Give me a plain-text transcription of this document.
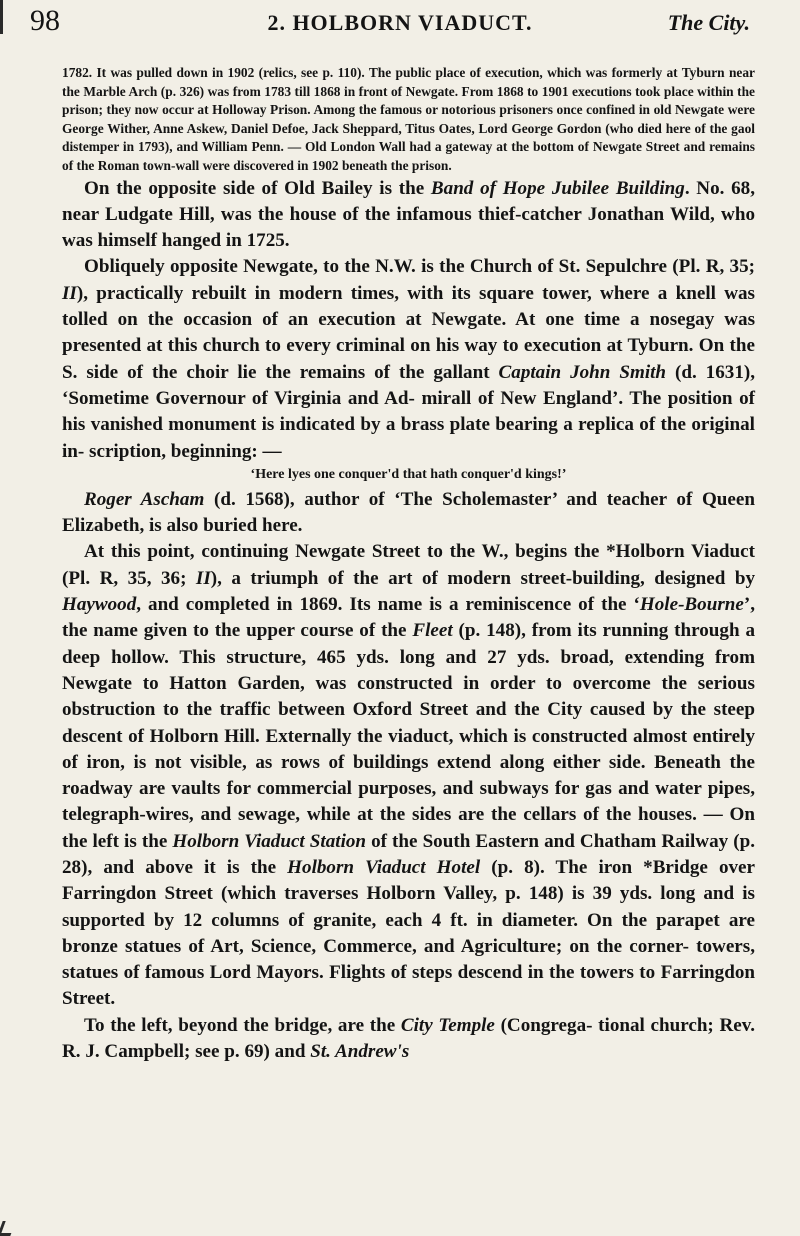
98	2. HOLBORN VIADUCT.	The City.

1782. It was pulled down in 1902 (relics, see p. 110). The public place of execution, which was formerly at Tyburn near the Marble Arch (p. 326) was from 1783 till 1868 in front of Newgate. From 1868 to 1901 executions took place within the prison; they now occur at Holloway Prison. Among the famous or notorious prisoners once confined in old Newgate were George Wither, Anne Askew, Daniel Defoe, Jack Sheppard, Titus Oates, Lord George Gordon (who died here of the gaol distemper in 1793), and William Penn. — Old London Wall had a gateway at the bottom of Newgate Street and remains of the Roman town-wall were discovered in 1902 beneath the prison.

On the opposite side of Old Bailey is the Band of Hope Jubilee Building. No. 68, near Ludgate Hill, was the house of the infamous thief-catcher Jonathan Wild, who was himself hanged in 1725.

Obliquely opposite Newgate, to the N.W. is the Church of St. Sepulchre (Pl. R, 35; II), practically rebuilt in modern times, with its square tower, where a knell was tolled on the occasion of an execution at Newgate. At one time a nosegay was presented at this church to every criminal on his way to execution at Tyburn. On the S. side of the choir lie the remains of the gallant Captain John Smith (d. 1631), ‘Sometime Governour of Virginia and Ad- mirall of New England’. The position of his vanished monument is indicated by a brass plate bearing a replica of the original in- scription, beginning: —

‘Here lyes one conquer'd that hath conquer'd kings!’

Roger Ascham (d. 1568), author of ‘The Scholemaster’ and teacher of Queen Elizabeth, is also buried here.

At this point, continuing Newgate Street to the W., begins the *Holborn Viaduct (Pl. R, 35, 36; II), a triumph of the art of modern street-building, designed by Haywood, and completed in 1869. Its name is a reminiscence of the ‘Hole-Bourne’, the name given to the upper course of the Fleet (p. 148), from its running through a deep hollow. This structure, 465 yds. long and 27 yds. broad, extending from Newgate to Hatton Garden, was constructed in order to overcome the serious obstruction to the traffic between Oxford Street and the City caused by the steep descent of Holborn Hill. Externally the viaduct, which is constructed almost entirely of iron, is not visible, as rows of buildings extend along either side. Beneath the roadway are vaults for commercial purposes, and subways for gas and water pipes, telegraph-wires, and sewage, while at the sides are the cellars of the houses. — On the left is the Holborn Viaduct Station of the South Eastern and Chatham Railway (p. 28), and above it is the Holborn Viaduct Hotel (p. 8). The iron *Bridge over Farringdon Street (which traverses Holborn Valley, p. 148) is 39 yds. long and is supported by 12 columns of granite, each 4 ft. in diameter. On the parapet are bronze statues of Art, Science, Commerce, and Agriculture; on the corner- towers, statues of famous Lord Mayors. Flights of steps descend in the towers to Farringdon Street.

To the left, beyond the bridge, are the City Temple (Congrega- tional church; Rev. R. J. Campbell; see p. 69) and St. Andrew's
